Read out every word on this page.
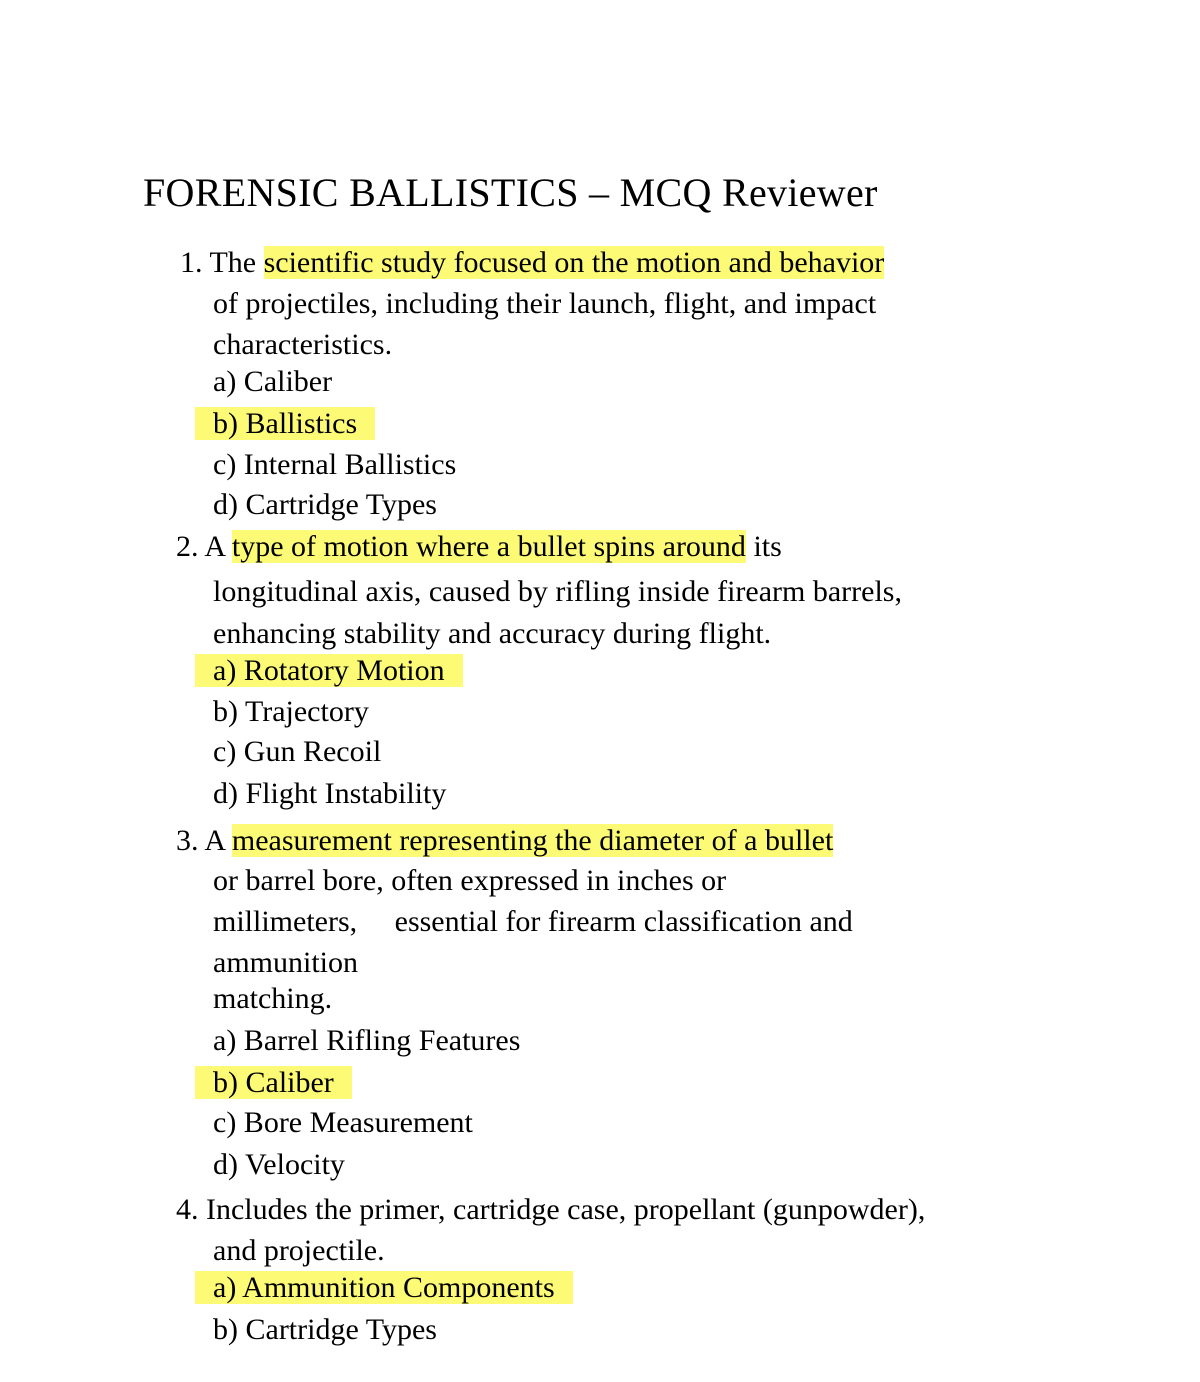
FORENSIC BALLISTICS – MCQ Reviewer
1. The scientific study focused on the motion and behavior
of projectiles, including their launch, flight, and impact
characteristics.
a) Caliber
b) Ballistics
c) Internal Ballistics
d) Cartridge Types
2. A type of motion where a bullet spins around its
longitudinal axis, caused by rifling inside firearm barrels,
enhancing stability and accuracy during flight.
a) Rotatory Motion
b) Trajectory
c) Gun Recoil
d) Flight Instability
3. A measurement representing the diameter of a bullet
or barrel bore, often expressed in inches or
millimeters,     essential for firearm classification and
ammunition
matching.
a) Barrel Rifling Features
b) Caliber
c) Bore Measurement
d) Velocity
4. Includes the primer, cartridge case, propellant (gunpowder),
and projectile.
a) Ammunition Components
b) Cartridge Types
